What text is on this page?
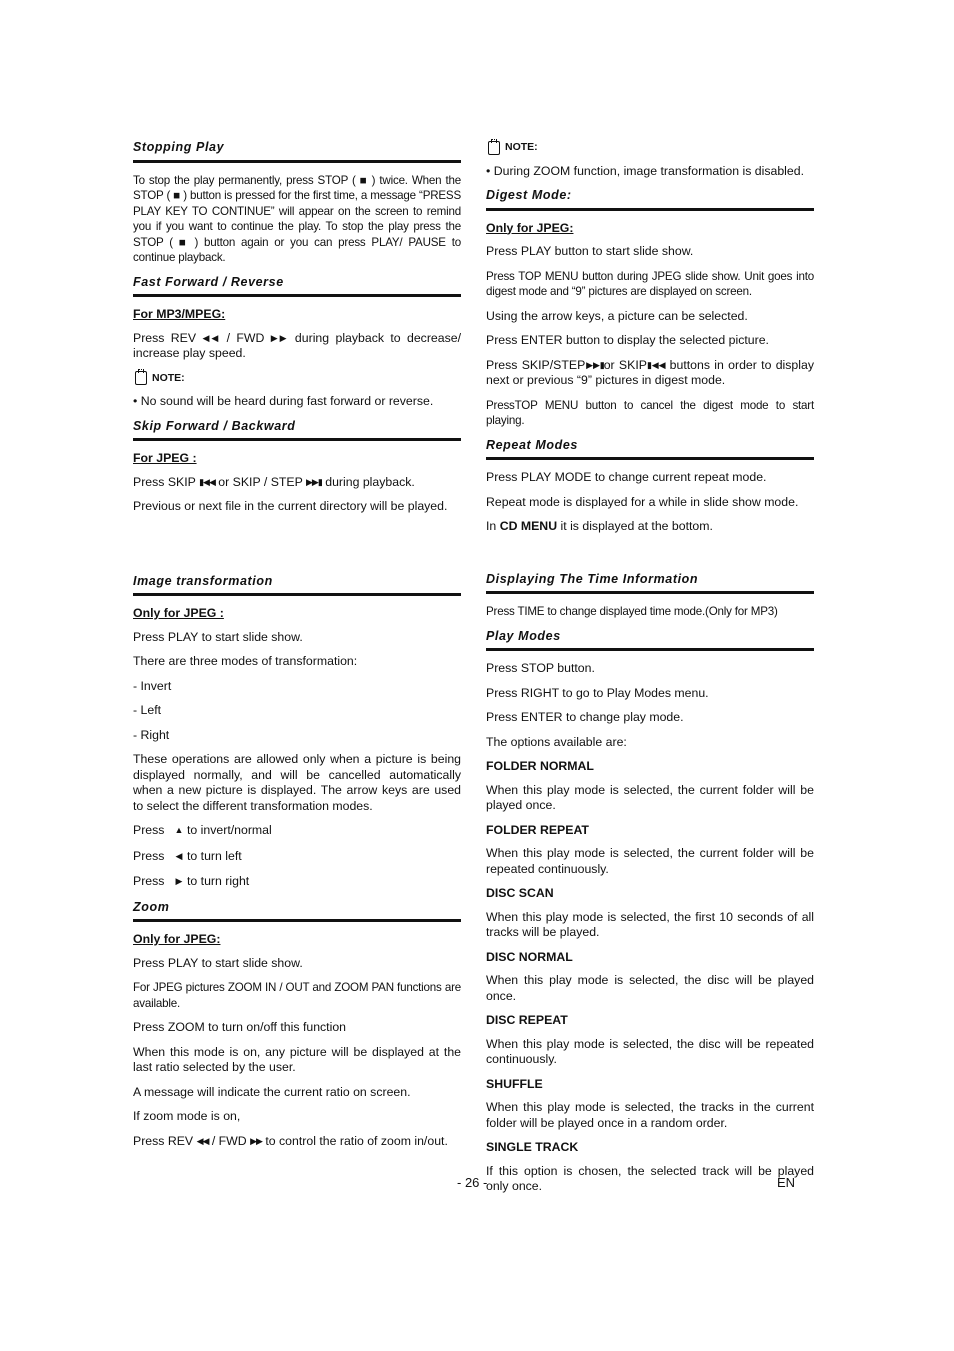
Stopping Play

To stop the play permanently, press STOP ( ■ ) twice. When the STOP ( ■ ) button is pressed for the first time, a message “PRESS PLAY KEY TO CONTINUE” will appear on the screen to remind you if you want to continue the play. To stop the play press the STOP ( ■ ) button again or you can press PLAY/ PAUSE to continue playback.

Fast Forward / Reverse
For MP3/MPEG:

Press REV ◀◀ / FWD ▶▶ during playback to decrease/ increase play speed.

NOTE:

• No sound will be heard during fast forward or reverse.

Skip Forward / Backward
For JPEG :

Press SKIP ▮◀◀ or SKIP / STEP ▶▶▮ during playback.

Previous or next file in the current directory will be played.

Image transformation
Only for JPEG :

Press PLAY to start slide show.

There are three modes of transformation:

- Invert

- Left

- Right

These operations are allowed only when a picture is being displayed normally, and will be cancelled automatically when a new picture is displayed. The arrow keys are used to select the different transformation modes.

Press	▲ to invert/normal
Press	◀ to turn left
Press	▶ to turn right
Zoom
Only for JPEG:

Press PLAY to start slide show.

For JPEG pictures ZOOM IN / OUT and ZOOM PAN functions are available.

Press ZOOM to turn on/off this function

When this mode is on, any picture will be displayed at the last ratio selected by the user.

A message will indicate the current ratio on screen.

If zoom mode is on,

Press REV ◀◀ / FWD ▶▶ to control the ratio of zoom in/out.

NOTE:

• During ZOOM function, image transformation is disabled.

Digest Mode:
Only for JPEG:

Press PLAY button to start slide show.

Press TOP MENU button during JPEG slide show. Unit goes into digest mode and “9” pictures are displayed on screen.

Using the arrow keys, a picture can be selected.

Press ENTER button to display the selected picture.

Press SKIP/STEP▶▶▮or SKIP▮◀◀ buttons in order to display next or previous “9” pictures in digest mode.

PressTOP MENU button to cancel the digest mode to start playing.

Repeat Modes

Press PLAY MODE to change current repeat mode.

Repeat mode is displayed for a while in slide show mode.

In CD MENU it is displayed at the bottom.

Displaying The Time Information

Press TIME to change displayed time mode.(Only for MP3)

Play Modes

Press STOP button.

Press RIGHT to go to Play Modes menu.

Press ENTER to change play mode.

The options available are:

FOLDER NORMAL

When this play mode is selected, the current folder will be played once.

FOLDER REPEAT

When this play mode is selected, the current folder will be repeated continuously.

DISC SCAN

When this play mode is selected, the first 10 seconds of all tracks will be played.

DISC NORMAL

When this play mode is selected, the disc will be played once.

DISC REPEAT

When this play mode is selected, the disc will be repeated continuously.

SHUFFLE

When this play mode is selected, the tracks in the current folder will be played once in a random order.

SINGLE TRACK

If this option is chosen, the selected track will be played only once.

- 26 -	EN
